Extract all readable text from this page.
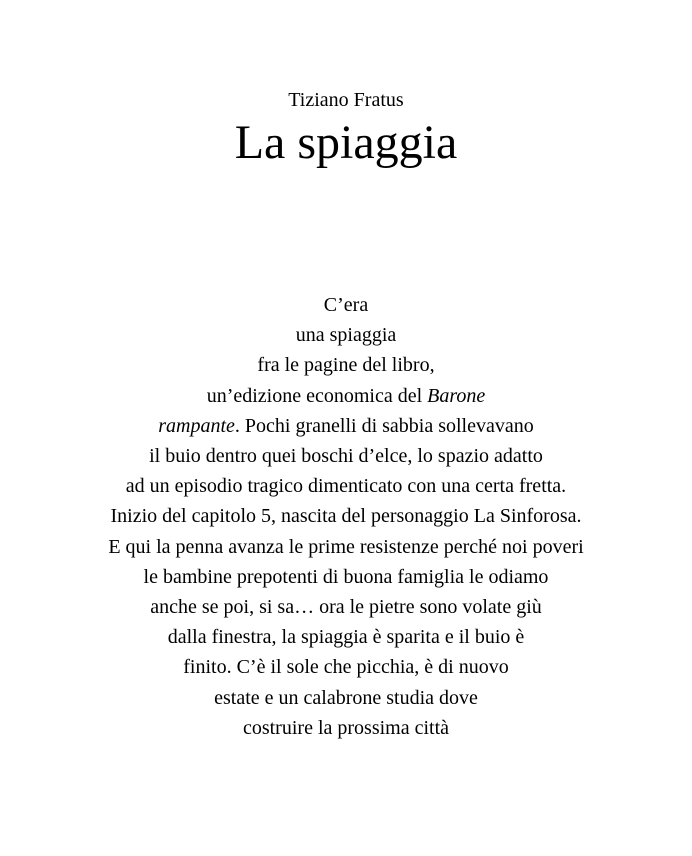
Tiziano Fratus
La spiaggia
C’era
una spiaggia
fra le pagine del libro,
un’edizione economica del Barone
rampante. Pochi granelli di sabbia sollevavano
il buio dentro quei boschi d’elce, lo spazio adatto
ad un episodio tragico dimenticato con una certa fretta.
Inizio del capitolo 5, nascita del personaggio La Sinforosa.
E qui la penna avanza le prime resistenze perché noi poveri
le bambine prepotenti di buona famiglia le odiamo
anche se poi, si sa… ora le pietre sono volate giù
dalla finestra, la spiaggia è sparita e il buio è
finito. C’è il sole che picchia, è di nuovo
estate e un calabrone studia dove
costruire la prossima città
